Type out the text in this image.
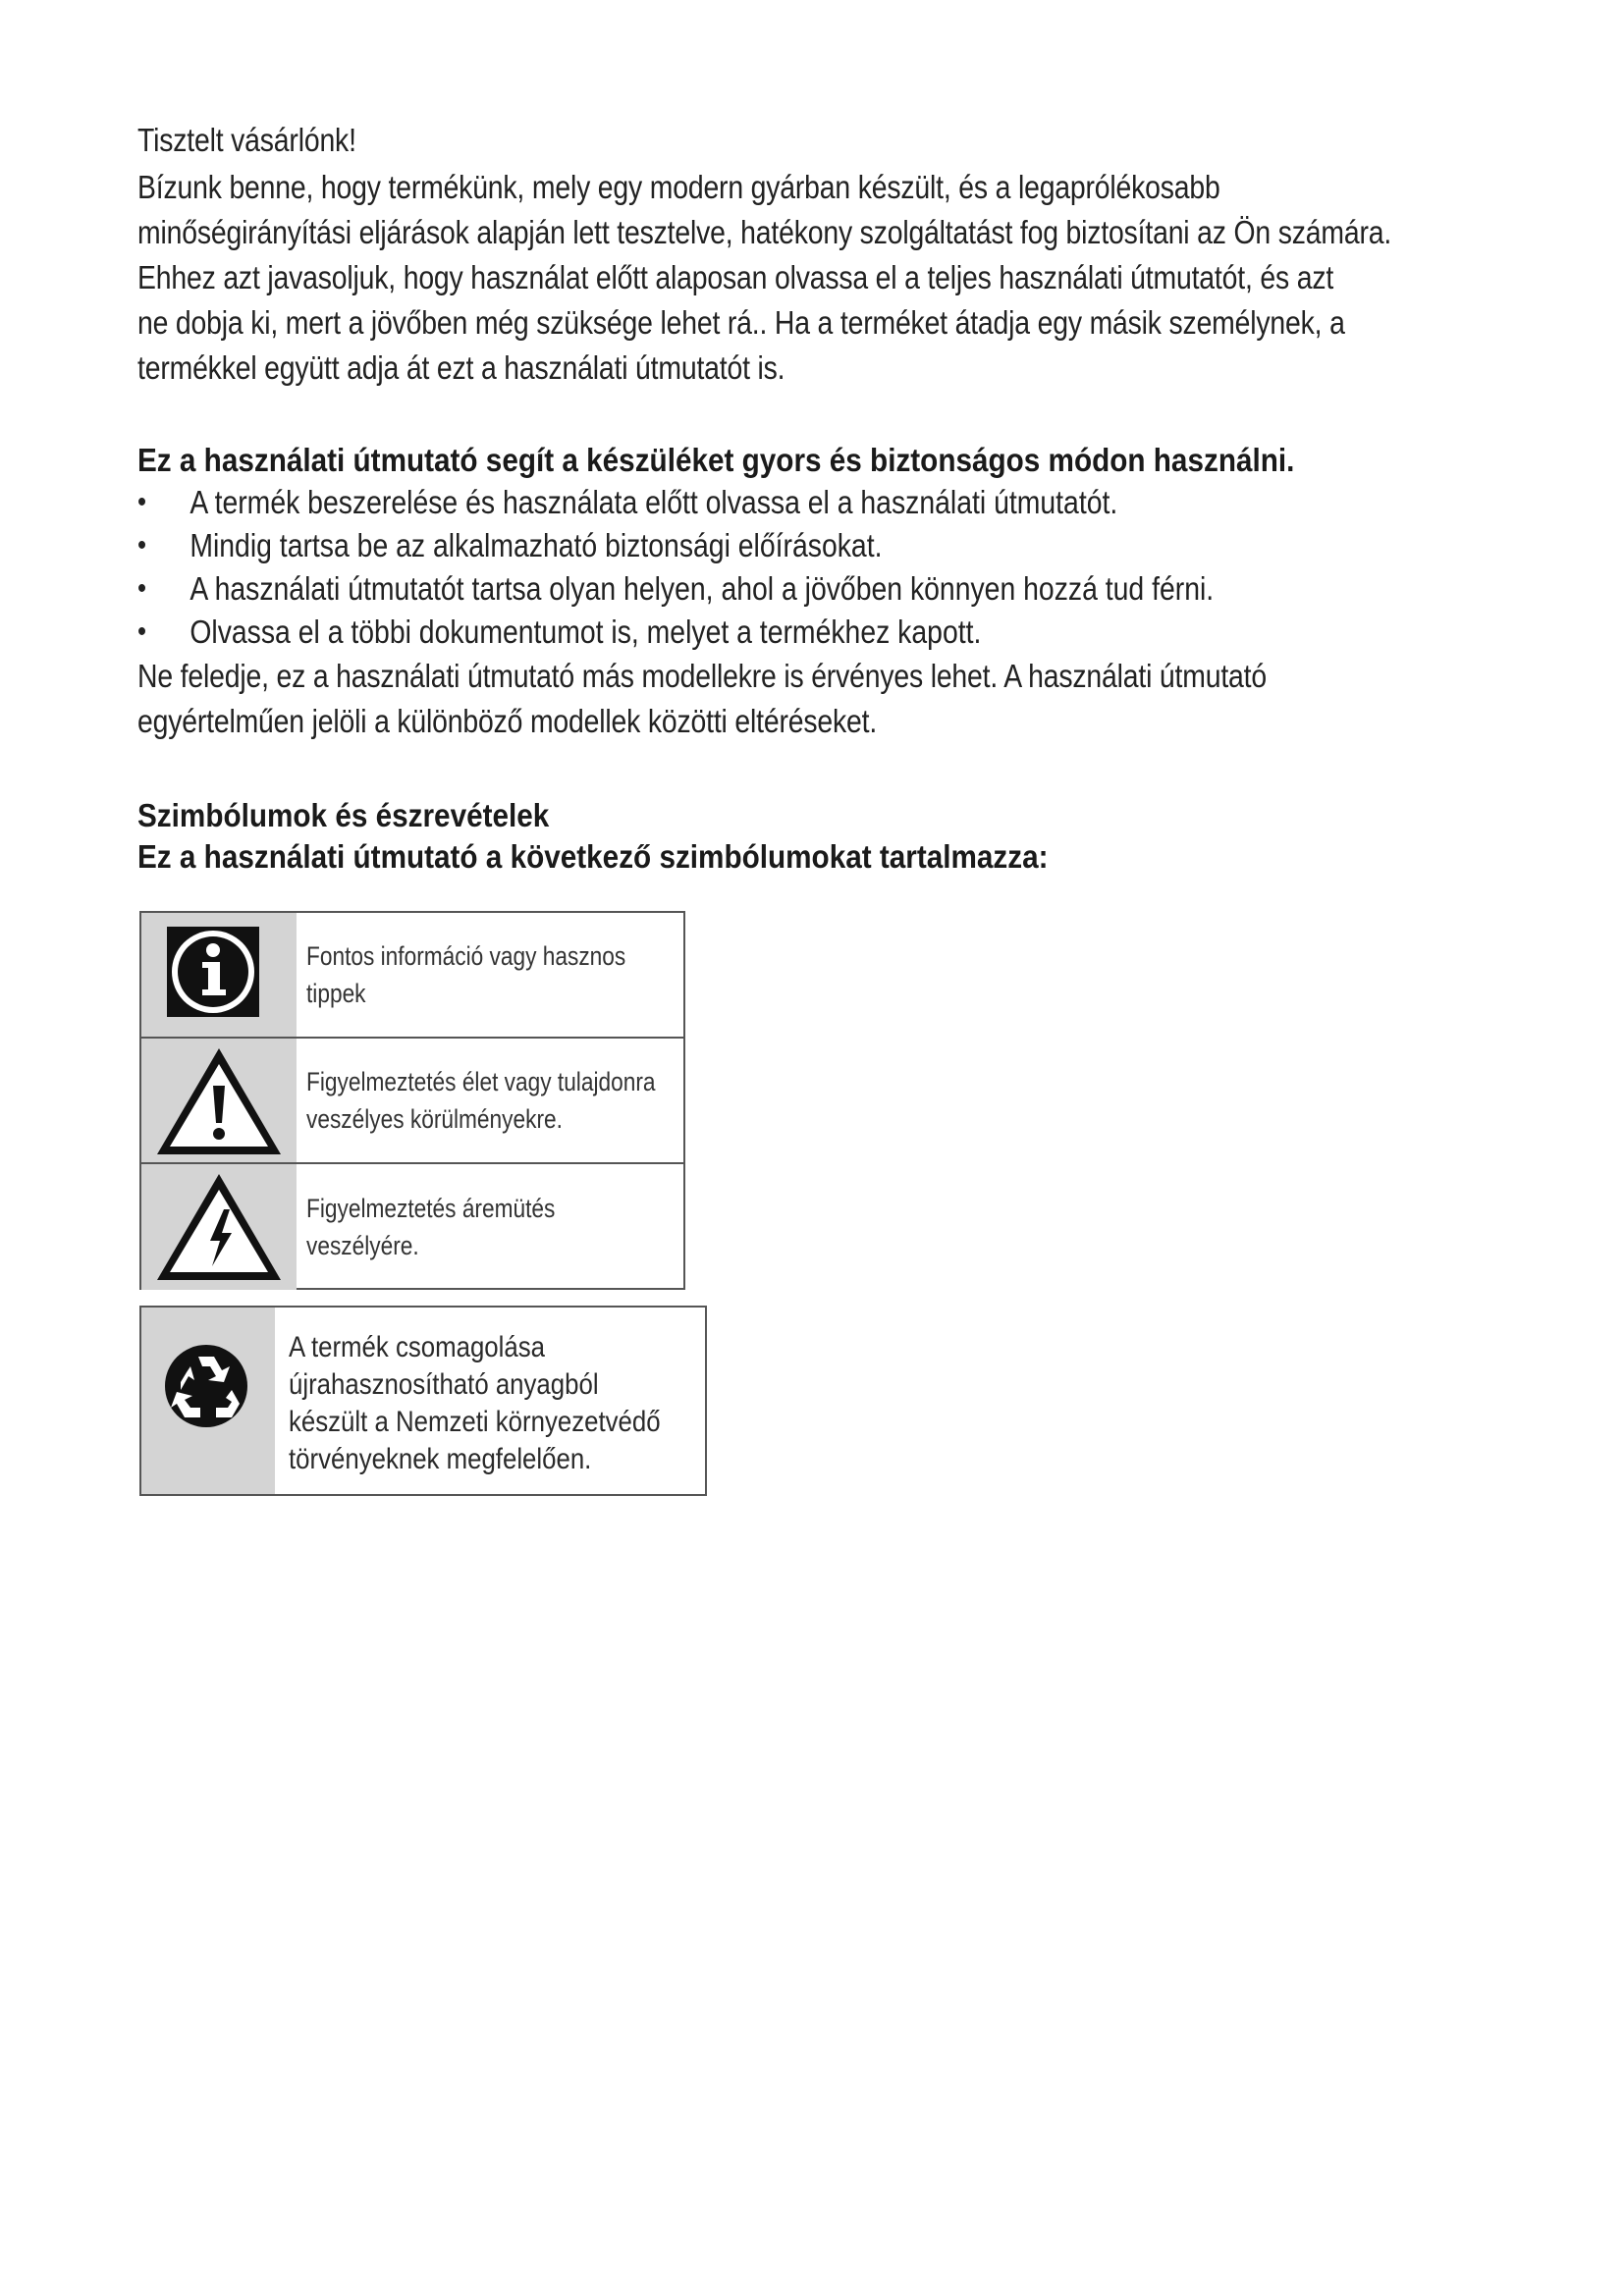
Tisztelt vásárlónk!

Bízunk benne, hogy termékünk, mely egy modern gyárban készült, és a legaprólékosabb

minőségirányítási eljárások alapján lett tesztelve, hatékony szolgáltatást fog biztosítani az Ön számára.

Ehhez azt javasoljuk, hogy használat előtt alaposan olvassa el a teljes használati útmutatót, és azt

ne dobja ki, mert a jövőben még szüksége lehet rá.. Ha a terméket átadja egy másik személynek, a

termékkel együtt adja át ezt a használati útmutatót is.

Ez a használati útmutató segít a készüléket gyors és biztonságos módon használni.

• A termék beszerelése és használata előtt olvassa el a használati útmutatót.
• Mindig tartsa be az alkalmazható biztonsági előírásokat.
• A használati útmutatót tartsa olyan helyen, ahol a jövőben könnyen hozzá tud férni.
• Olvassa el a többi dokumentumot is, melyet a termékhez kapott.

Ne feledje, ez a használati útmutató más modellekre is érvényes lehet. A használati útmutató

egyértelműen jelöli a különböző modellek közötti eltéréseket.

Szimbólumok és észrevételek

Ez a használati útmutató a következő szimbólumokat tartalmazza:

Fontos információ vagy hasznos
tippek
Figyelmeztetés élet vagy tulajdonra
veszélyes körülményekre.
Figyelmeztetés áremütés veszélyére.
A termék csomagolása
újrahasznosítható anyagból
készült a Nemzeti környezetvédő
törvényeknek megfelelően.
